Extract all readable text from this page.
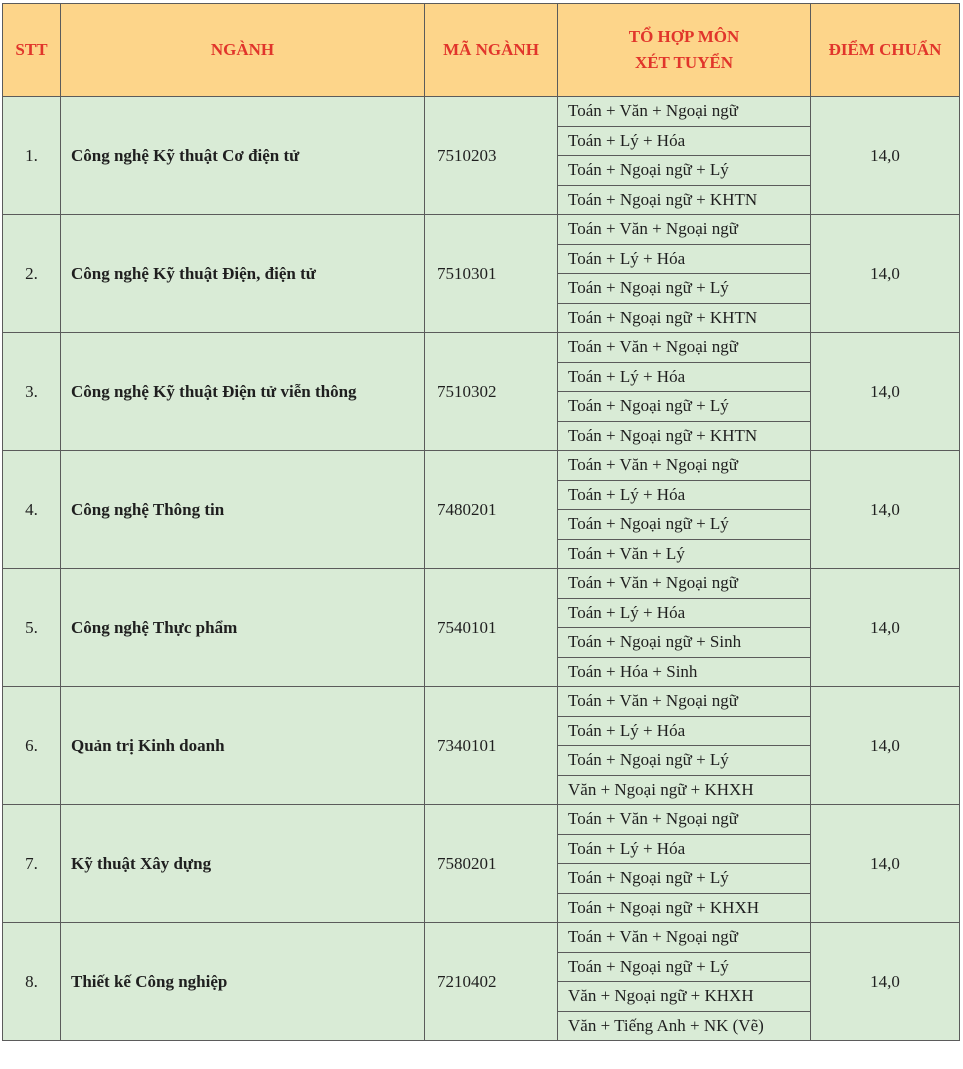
STT	NGÀNH	MÃ NGÀNH	TỔ HỢP MÔN
XÉT TUYỂN	ĐIỂM CHUẨN
1.	Công nghệ Kỹ thuật Cơ điện tử	7510203	Toán + Văn + Ngoại ngữ
Toán + Lý + Hóa
Toán + Ngoại ngữ + Lý
Toán + Ngoại ngữ + KHTN	14,0
2.	Công nghệ Kỹ thuật Điện, điện tử	7510301	Toán + Văn + Ngoại ngữ
Toán + Lý + Hóa
Toán + Ngoại ngữ + Lý
Toán + Ngoại ngữ + KHTN	14,0
3.	Công nghệ Kỹ thuật Điện tử viễn thông	7510302	Toán + Văn + Ngoại ngữ
Toán + Lý + Hóa
Toán + Ngoại ngữ + Lý
Toán + Ngoại ngữ + KHTN	14,0
4.	Công nghệ Thông tin	7480201	Toán + Văn + Ngoại ngữ
Toán + Lý + Hóa
Toán + Ngoại ngữ + Lý
Toán + Văn + Lý	14,0
5.	Công nghệ Thực phẩm	7540101	Toán + Văn + Ngoại ngữ
Toán + Lý + Hóa
Toán + Ngoại ngữ + Sinh
Toán + Hóa + Sinh	14,0
6.	Quản trị Kinh doanh	7340101	Toán + Văn + Ngoại ngữ
Toán + Lý + Hóa
Toán + Ngoại ngữ + Lý
Văn + Ngoại ngữ + KHXH	14,0
7.	Kỹ thuật Xây dựng	7580201	Toán + Văn + Ngoại ngữ
Toán + Lý + Hóa
Toán + Ngoại ngữ + Lý
Toán + Ngoại ngữ + KHXH	14,0
8.	Thiết kế Công nghiệp	7210402	Toán + Văn + Ngoại ngữ
Toán + Ngoại ngữ + Lý
Văn + Ngoại ngữ + KHXH
Văn + Tiếng Anh + NK (Vẽ)	14,0
